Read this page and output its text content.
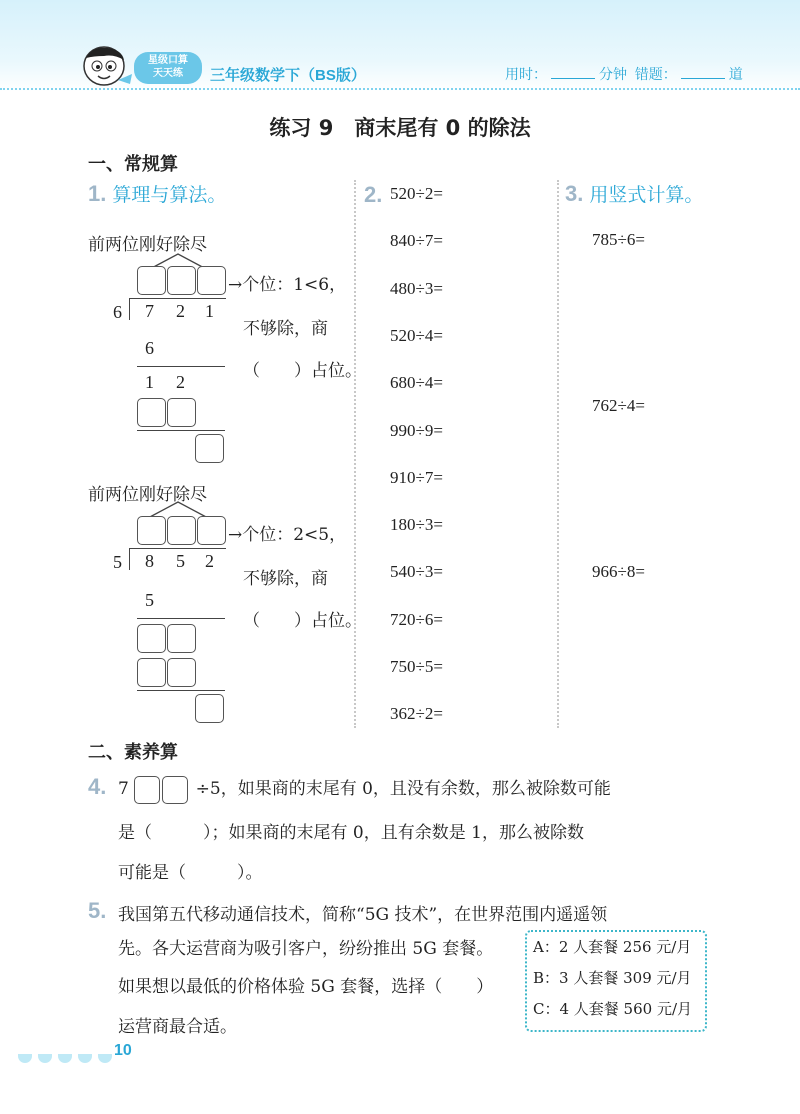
星级口算
天天练	三年级数学下（BS版）	用时：	分钟 错题：	道
练习 9　商末尾有 0 的除法
一、常规算
1. 算理与算法。
前两位刚好除尽
→个位：1<6，
6 7 2 1
不够除，商
6
（　　）占位。
1 2
前两位刚好除尽
→个位：2<5，
5 8 5 2
不够除，商
5
（　　）占位。
2. 520÷2=
840÷7=
480÷3=
520÷4=
680÷4=
990÷9=
910÷7=
180÷3=
540÷3=
720÷6=
750÷5=
362÷2=
3. 用竖式计算。
785÷6=
762÷4=
966÷8=
二、素养算
4. 7	÷5，如果商的末尾有 0，且没有余数，那么被除数可能
是（　　　）；如果商的末尾有 0，且有余数是 1，那么被除数
可能是（　　　）。
5. 我国第五代移动通信技术，简称“5G 技术”，在世界范围内遥遥领
先。各大运营商为吸引客户，纷纷推出 5G 套餐。
如果想以最低的价格体验 5G 套餐，选择（　　）
运营商最合适。
A：2 人套餐 256 元/月
B：3 人套餐 309 元/月
C：4 人套餐 560 元/月
10
